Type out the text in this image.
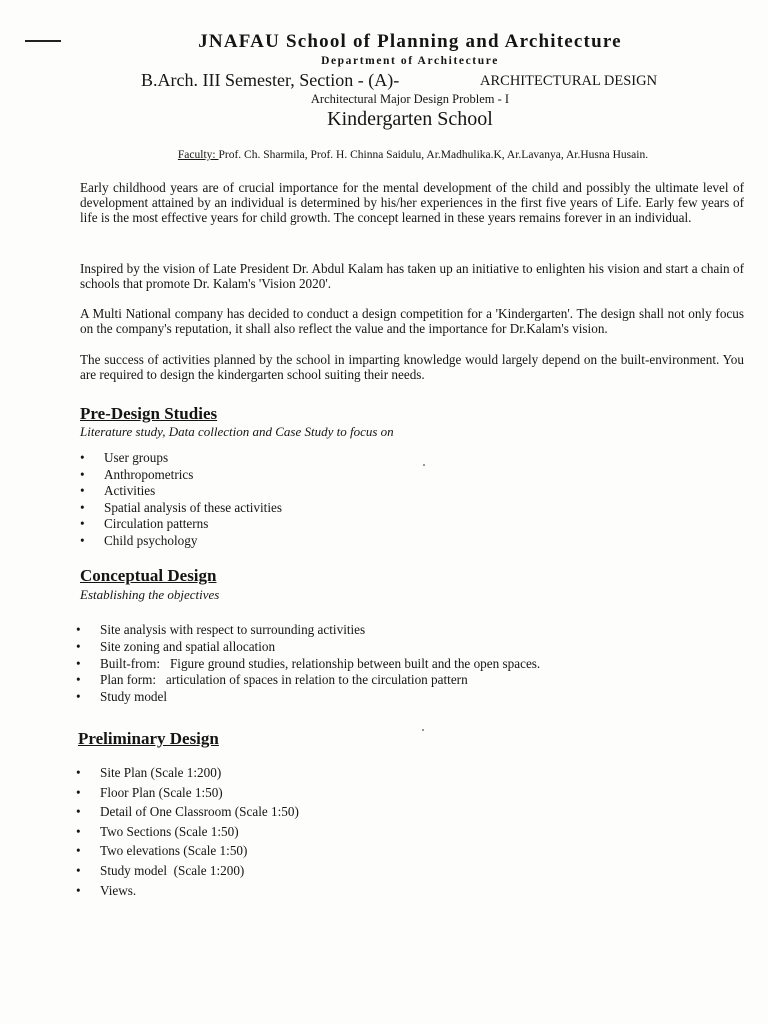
JNAFAU School of Planning and Architecture
Department of Architecture
B.Arch. III Semester, Section - (A)-	ARCHITECTURAL DESIGN
Architectural Major Design Problem - I
Kindergarten School
Faculty: Prof. Ch. Sharmila, Prof. H. Chinna Saidulu, Ar.Madhulika.K, Ar.Lavanya, Ar.Husna Husain.

Early childhood years are of crucial importance for the mental development of the child and possibly the ultimate level of development attained by an individual is determined by his/her experiences in the first five years of Life. Early few years of life is the most effective years for child growth. The concept learned in these years remains forever in an individual.

Inspired by the vision of Late President Dr. Abdul Kalam has taken up an initiative to enlighten his vision and start a chain of schools that promote Dr. Kalam's 'Vision 2020'.

A Multi National company has decided to conduct a design competition for a 'Kindergarten'. The design shall not only focus on the company's reputation, it shall also reflect the value and the importance for Dr.Kalam's vision.

The success of activities planned by the school in imparting knowledge would largely depend on the built-environment. You are required to design the kindergarten school suiting their needs.

Pre-Design Studies
Literature study, Data collection and Case Study to focus on
• User groups
• Anthropometrics
• Activities
• Spatial analysis of these activities
• Circulation patterns
• Child psychology
Conceptual Design
Establishing the objectives
• Site analysis with respect to surrounding activities
• Site zoning and spatial allocation
• Built-from:   Figure ground studies, relationship between built and the open spaces.
• Plan form:   articulation of spaces in relation to the circulation pattern
• Study model
Preliminary Design
• Site Plan (Scale 1:200)
• Floor Plan (Scale 1:50)
• Detail of One Classroom (Scale 1:50)
• Two Sections (Scale 1:50)
• Two elevations (Scale 1:50)
• Study model  (Scale 1:200)
• Views.
